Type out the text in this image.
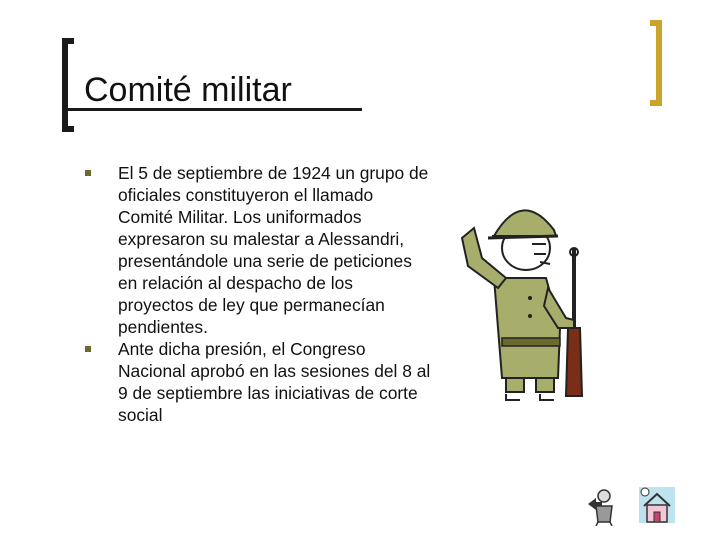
Comité militar
El 5 de septiembre de 1924 un grupo de oficiales constituyeron el llamado Comité Militar. Los uniformados expresaron su malestar a Alessandri, presentándole una serie de peticiones en relación al despacho de los proyectos de ley que permanecían pendientes.
Ante dicha presión, el Congreso Nacional aprobó en las sesiones del 8 al 9 de septiembre las iniciativas de corte social
